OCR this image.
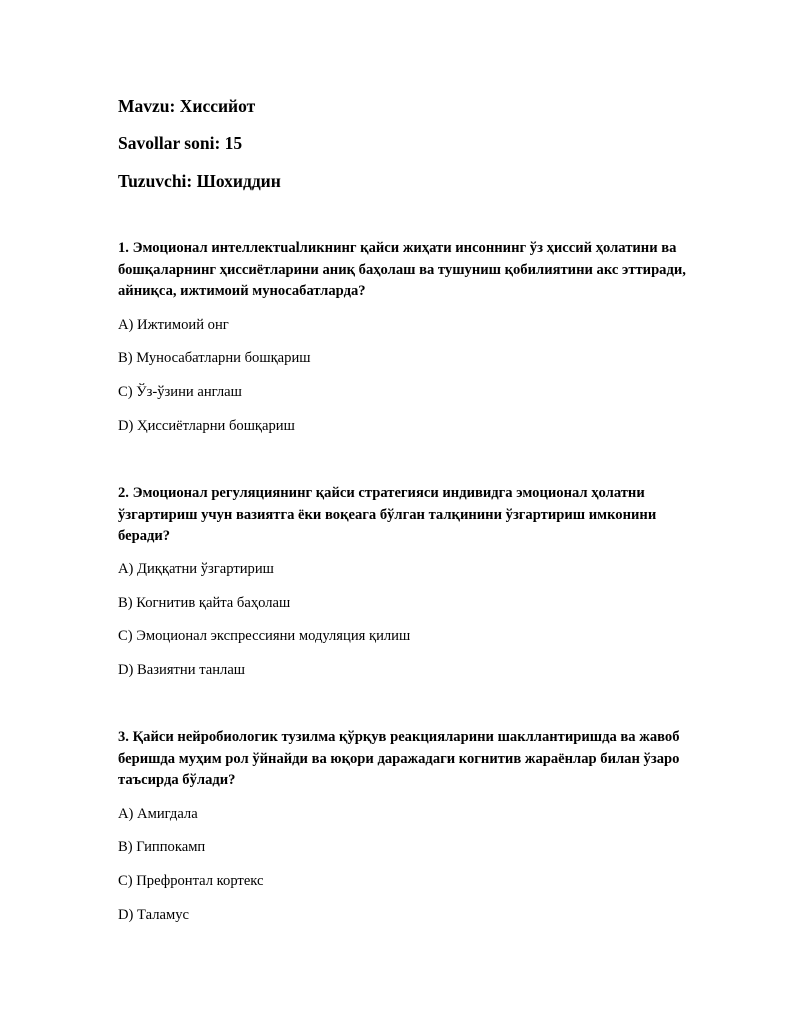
Mavzu: Хиссийот
Savollar soni: 15
Tuzuvchi: Шохиддин

1. Эмоционал интеллектualликнинг қайси жиҳати инсоннинг ўз ҳиссий ҳолатини ва бошқаларнинг ҳиссиётларини аниқ баҳолаш ва тушуниш қобилиятини акс эттиради, айниқса, ижтимоий муносабатларда?

A) Ижтимоий онг
B) Муносабатларни бошқариш
C) Ўз-ўзини англаш
D) Ҳиссиётларни бошқариш

2. Эмоционал регуляциянинг қайси стратегияси индивидга эмоционал ҳолатни ўзгартириш учун вазиятга ёки воқеага бўлган талқинини ўзгартириш имконини беради?

A) Диққатни ўзгартириш
B) Когнитив қайта баҳолаш
C) Эмоционал экспрессияни модуляция қилиш
D) Вазиятни танлаш

3. Қайси нейробиологик тузилма қўрқув реакцияларини шакллантиришда ва жавоб беришда муҳим рол ўйнайди ва юқори даражадаги когнитив жараёнлар билан ўзаро таъсирда бўлади?

A) Амигдала
B) Гиппокамп
C) Префронтал кортекс
D) Таламус
